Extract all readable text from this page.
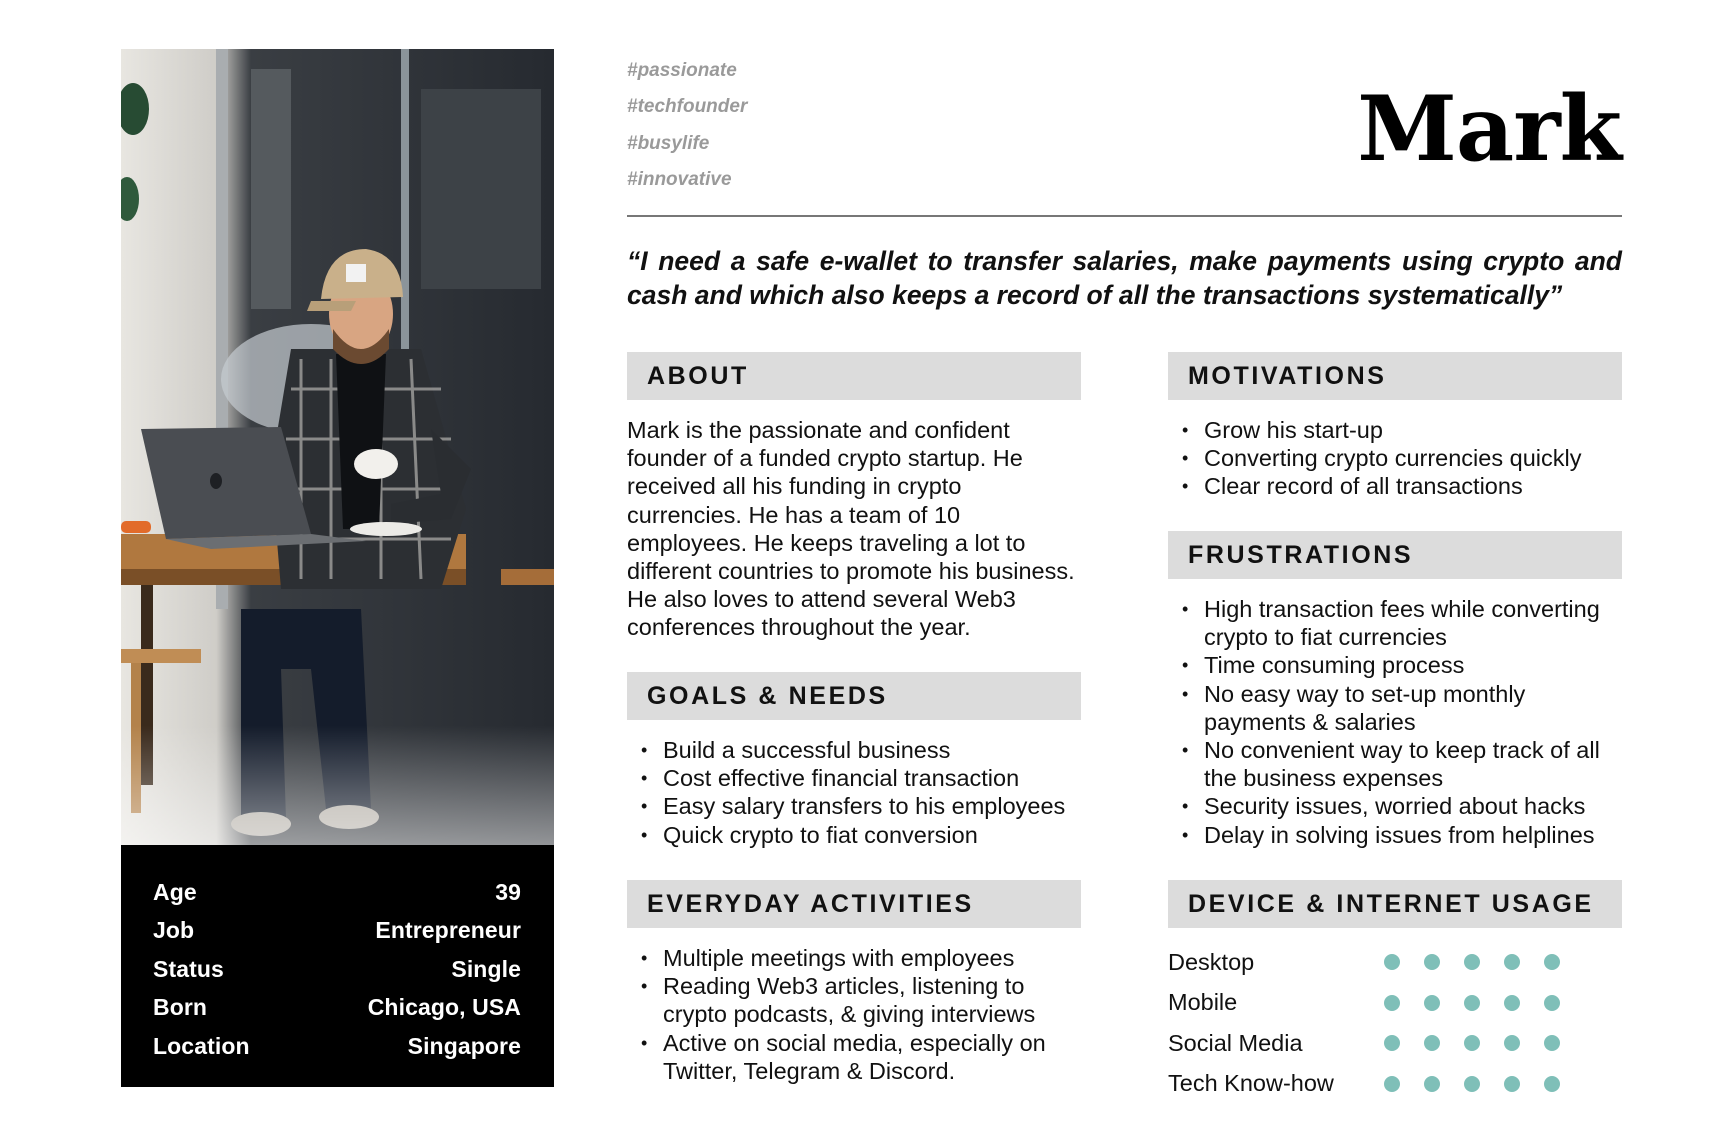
Age	39
Job	Entrepreneur
Status	Single
Born	Chicago, USA
Location	Singapore
#passionate
#techfounder
#busylife
#innovative	Mark
“I need a safe e-wallet to transfer salaries, make payments using crypto and cash and which also keeps a record of all the transactions systematically”
ABOUT
Mark is the passionate and confident founder of a funded crypto startup. He received all his funding in crypto currencies. He has a team of 10 employees. He keeps traveling a lot to different countries to promote his business. He also loves to attend several Web3 conferences throughout the year.
GOALS & NEEDS
• Build a successful business
• Cost effective financial transaction
• Easy salary transfers to his employees
• Quick crypto to fiat conversion
EVERYDAY ACTIVITIES
• Multiple meetings with employees
• Reading Web3 articles, listening to crypto podcasts, & giving interviews
• Active on social media, especially on Twitter, Telegram & Discord.
MOTIVATIONS
• Grow his start-up
• Converting crypto currencies quickly
• Clear record of all transactions
FRUSTRATIONS
• High transaction fees while converting crypto to fiat currencies
• Time consuming process
• No easy way to set-up monthly payments & salaries
• No convenient way to keep track of all the business expenses
• Security issues, worried about hacks
• Delay in solving issues from helplines
DEVICE & INTERNET USAGE
Desktop
Mobile
Social Media
Tech Know-how
